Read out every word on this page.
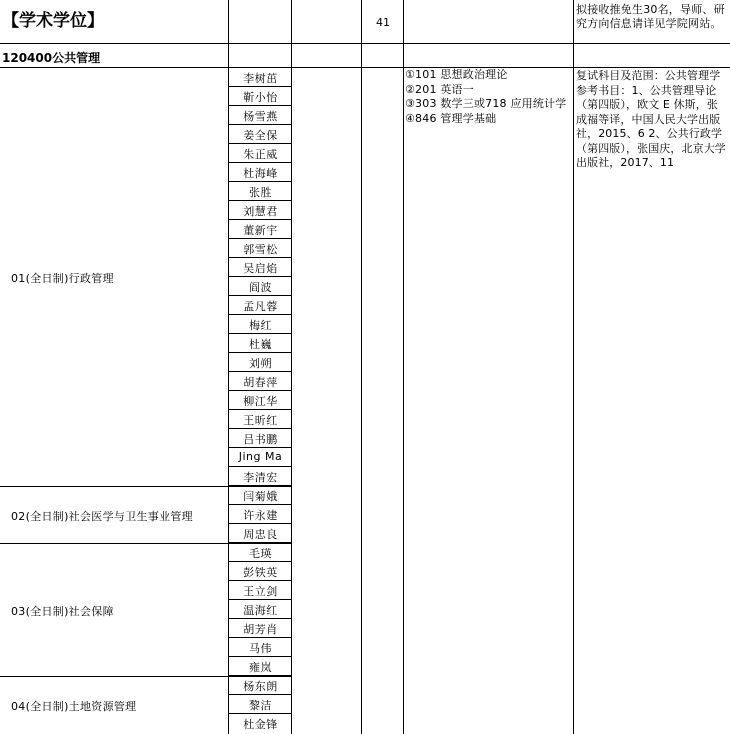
【学术学位】	41
拟接收推免生30名，导师、研究方向信息请详见学院网站。
120400公共管理
01(全日制)行政管理
02(全日制)社会医学与卫生事业管理
03(全日制)社会保障
04(全日制)土地资源管理
李树茁
靳小怡
杨雪燕
姜全保
朱正威
杜海峰
张胜
刘慧君
董新宇
郭雪松
吴启焰
阎波
孟凡蓉
梅红
杜巍
刘朔
胡春萍
柳江华
王昕红
吕书鹏
Jing Ma
李清宏
闫菊娥
许永建
周忠良
毛瑛
彭铁英
王立剑
温海红
胡芳肖
马伟
雍岚
杨东朗
黎洁
杜金锋
①101 思想政治理论
②201 英语一
③303 数学三或718 应用统计学
④846 管理学基础
复试科目及范围：公共管理学参考书目：1、公共管理导论（第四版），欧文 E 休斯，张成福等译，中国人民大学出版社，2015、6 2、公共行政学（第四版），张国庆，北京大学出版社，2017、11
